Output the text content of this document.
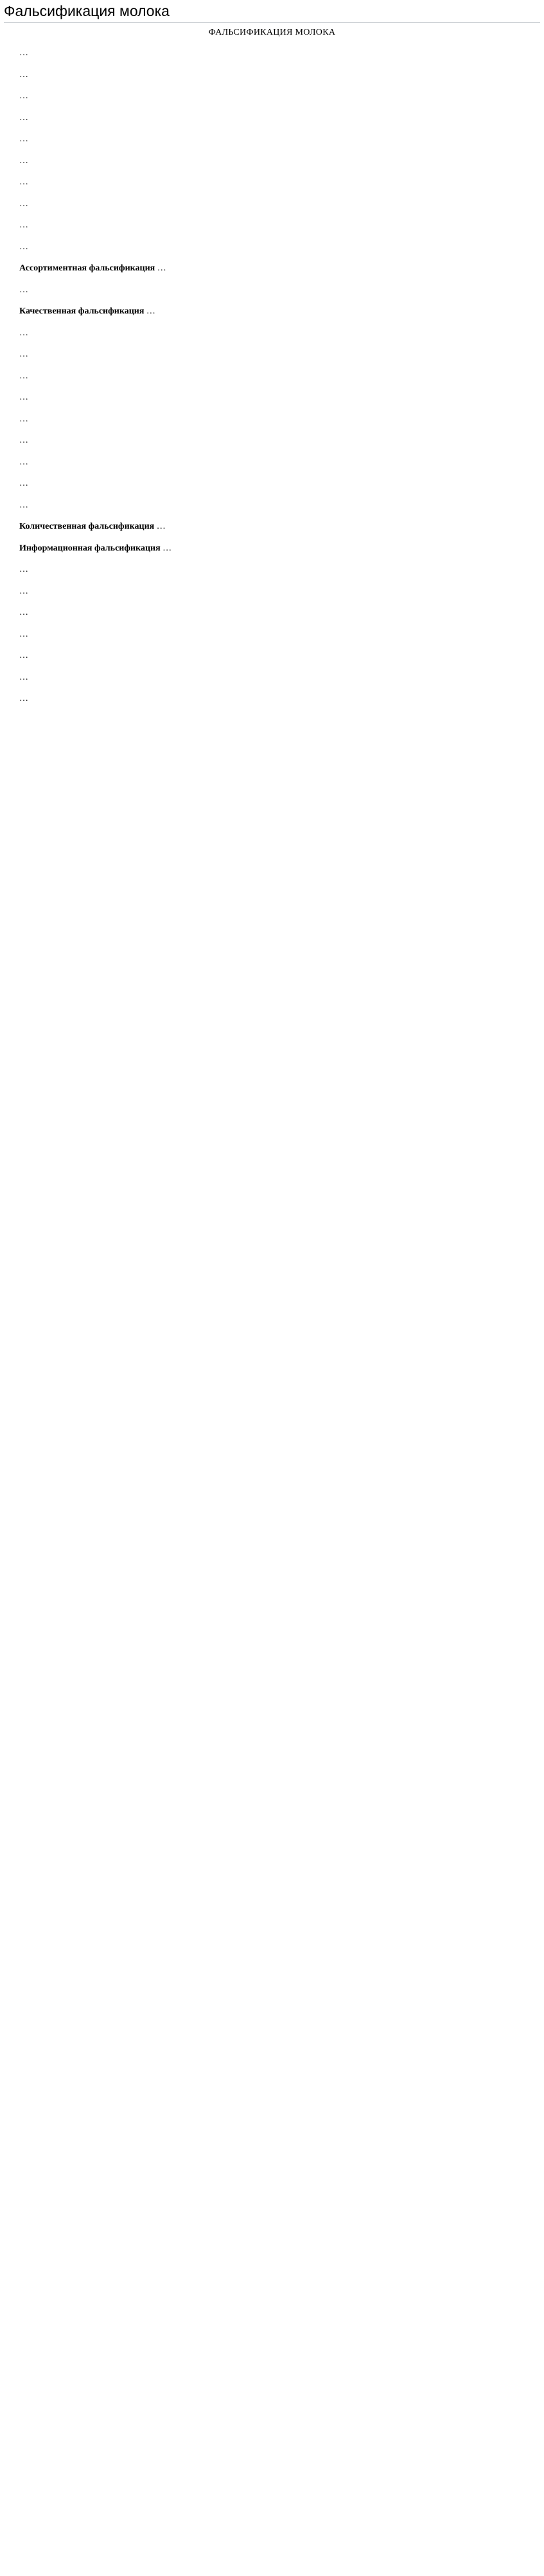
Фальсификация молока
ФАЛЬСИФИКАЦИЯ МОЛОКА

…

…

…

…

…

…

…

…

…

…

Ассортиментная фальсификация …

…

Качественная фальсификация …

…

…

…

…

…

…

…

…

…

Количественная фальсификация …

Информационная фальсификация …

…

…

…

…

…

…

…
